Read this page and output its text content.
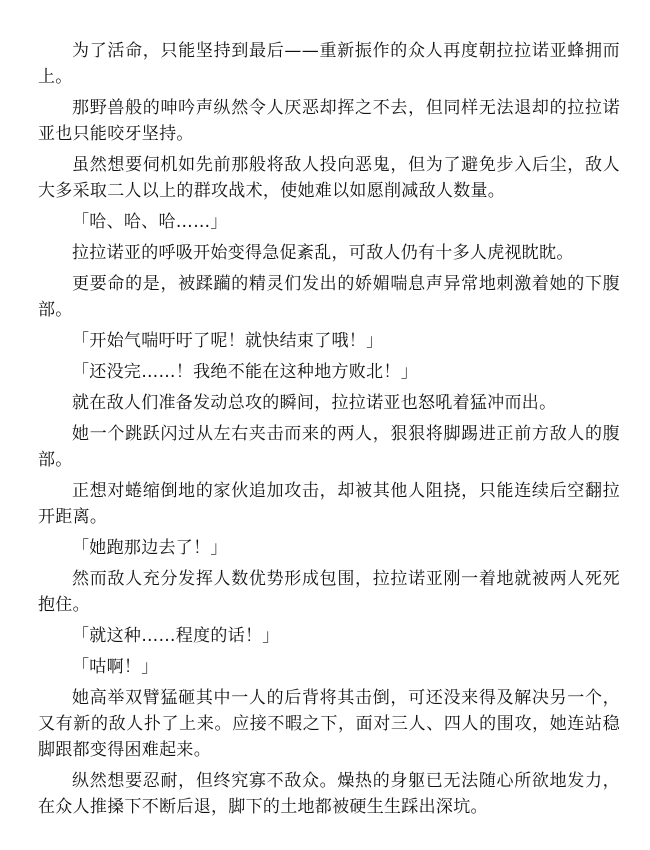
为了活命，只能坚持到最后——重新振作的众人再度朝拉拉诺亚蜂拥而上。

那野兽般的呻吟声纵然令人厌恶却挥之不去，但同样无法退却的拉拉诺亚也只能咬牙坚持。

虽然想要伺机如先前那般将敌人投向恶鬼，但为了避免步入后尘，敌人大多采取二人以上的群攻战术，使她难以如愿削减敌人数量。

「哈、哈、哈……」

拉拉诺亚的呼吸开始变得急促紊乱，可敌人仍有十多人虎视眈眈。

更要命的是，被蹂躏的精灵们发出的娇媚喘息声异常地刺激着她的下腹部。

「开始气喘吁吁了呢！就快结束了哦！」

「还没完……！我绝不能在这种地方败北！」

就在敌人们准备发动总攻的瞬间，拉拉诺亚也怒吼着猛冲而出。

她一个跳跃闪过从左右夹击而来的两人，狠狠将脚踢进正前方敌人的腹部。

正想对蜷缩倒地的家伙追加攻击，却被其他人阻挠，只能连续后空翻拉开距离。

「她跑那边去了！」

然而敌人充分发挥人数优势形成包围，拉拉诺亚刚一着地就被两人死死抱住。

「就这种……程度的话！」

「咕啊！」

她高举双臂猛砸其中一人的后背将其击倒，可还没来得及解决另一个，又有新的敌人扑了上来。应接不暇之下，面对三人、四人的围攻，她连站稳脚跟都变得困难起来。

纵然想要忍耐，但终究寡不敌众。燥热的身躯已无法随心所欲地发力，在众人推搡下不断后退，脚下的土地都被硬生生踩出深坑。
